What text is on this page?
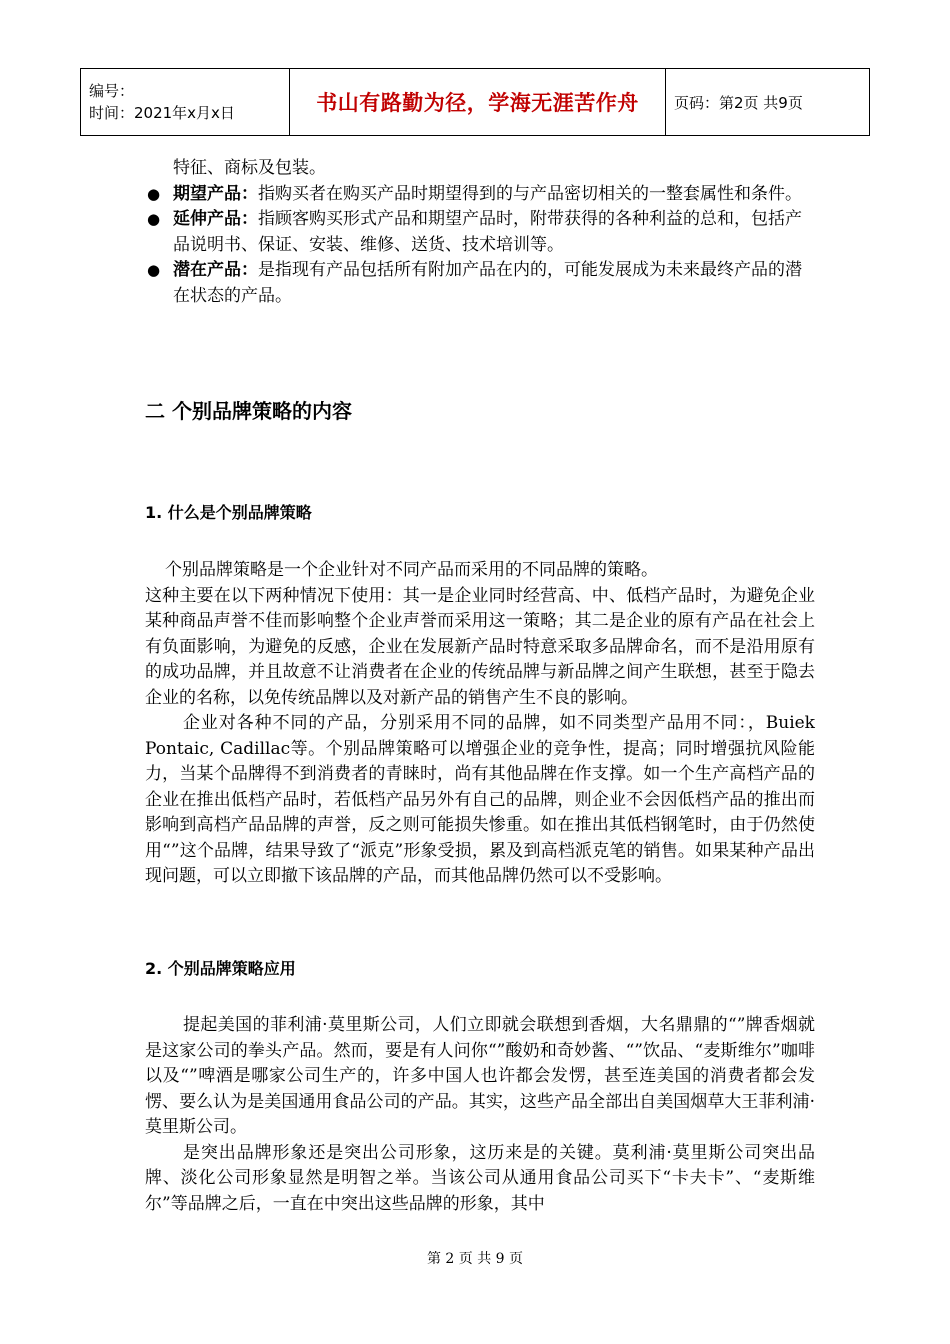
编号：
时间：2021年x月x日	书山有路勤为径，学海无涯苦作舟	页码：第2页 共9页
特征、商标及包装。
● 期望产品：指购买者在购买产品时期望得到的与产品密切相关的一整套属性和条件。
● 延伸产品：指顾客购买形式产品和期望产品时，附带获得的各种利益的总和，包括产品说明书、保证、安装、维修、送货、技术培训等。
● 潜在产品：是指现有产品包括所有附加产品在内的，可能发展成为未来最终产品的潜在状态的产品。
二 个别品牌策略的内容
1. 什么是个别品牌策略

个别品牌策略是一个企业针对不同产品而采用的不同品牌的策略。

这种主要在以下两种情况下使用：其一是企业同时经营高、中、低档产品时，为避免企业某种商品声誉不佳而影响整个企业声誉而采用这一策略；其二是企业的原有产品在社会上有负面影响，为避免的反感，企业在发展新产品时特意采取多品牌命名，而不是沿用原有的成功品牌，并且故意不让消费者在企业的传统品牌与新品牌之间产生联想，甚至于隐去企业的名称，以免传统品牌以及对新产品的销售产生不良的影响。

企业对各种不同的产品，分别采用不同的品牌，如不同类型产品用不同：，Buiek Pontaic, Cadillac等。个别品牌策略可以增强企业的竞争性，提高；同时增强抗风险能力，当某个品牌得不到消费者的青睐时，尚有其他品牌在作支撑。如一个生产高档产品的企业在推出低档产品时，若低档产品另外有自己的品牌，则企业不会因低档产品的推出而影响到高档产品品牌的声誉，反之则可能损失惨重。如在推出其低档钢笔时，由于仍然使用“”这个品牌，结果导致了“派克”形象受损，累及到高档派克笔的销售。如果某种产品出现问题，可以立即撤下该品牌的产品，而其他品牌仍然可以不受影响。

2. 个别品牌策略应用

提起美国的菲利浦·莫里斯公司，人们立即就会联想到香烟，大名鼎鼎的“”牌香烟就是这家公司的拳头产品。然而，要是有人问你“”酸奶和奇妙酱、“”饮品、“麦斯维尔”咖啡以及“”啤酒是哪家公司生产的，许多中国人也许都会发愣，甚至连美国的消费者都会发愣、要么认为是美国通用食品公司的产品。其实，这些产品全部出自美国烟草大王菲利浦·莫里斯公司。

是突出品牌形象还是突出公司形象，这历来是的关键。莫利浦·莫里斯公司突出品牌、淡化公司形象显然是明智之举。当该公司从通用食品公司买下“卡夫卡”、“麦斯维尔”等品牌之后，一直在中突出这些品牌的形象，其中

第 2 页 共 9 页
